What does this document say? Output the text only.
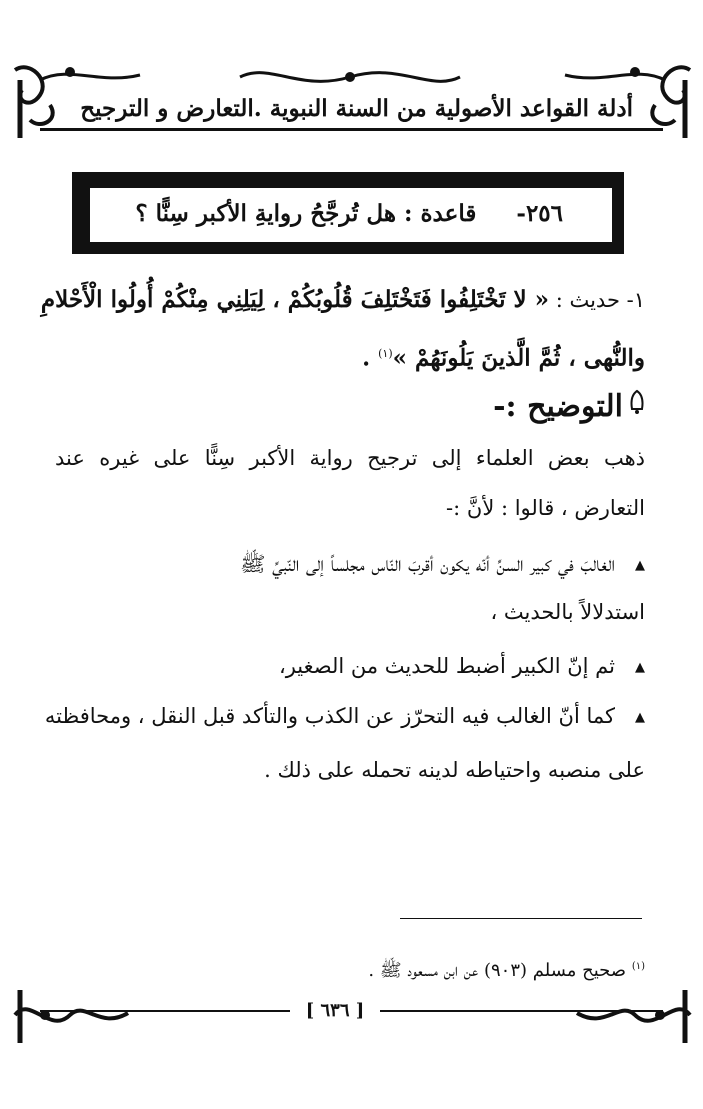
أدلة القواعد الأصولية من السنة النبوية .التعارض و الترجيح
٢٥٦-     قاعدة : هل تُرجَّحُ روايةِ الأكبر سِنًّا ؟
١- حديث : « لا تَخْتَلِفُوا فَتَخْتَلِفَ قُلُوبُكُمْ ، لِيَلِنِي مِنْكُمْ أُولُوا الْأَحْلامِ
والنُّهى ، ثُمَّ الَّذينَ يَلُونَهُمْ »$^{(١)}$ .
التوضيح :-
ذهب بعض العلماء إلى ترجيح رواية الأكبر سِنًّا على غيره عند
التعارض ، قالوا : لأنَّ :-
▲الغالبَ في كبير السنِّ أنّه يكون أقربَ النّاس مجلساً إلى النّبيِّ ﷺ
استدلالاً بالحديث ،
▲ثم إنّ الكبير أضبط للحديث من الصغير،
▲كما أنّ الغالب فيه التحرّز عن الكذب والتأكد قبل النقل ، ومحافظته
على منصبه واحتياطه لدينه تحمله على ذلك .
$^{(١)}$ صحيح مسلم (٩٠٣) عن ابن مسعود ﷺ .
[ ٦٣٦ ]
